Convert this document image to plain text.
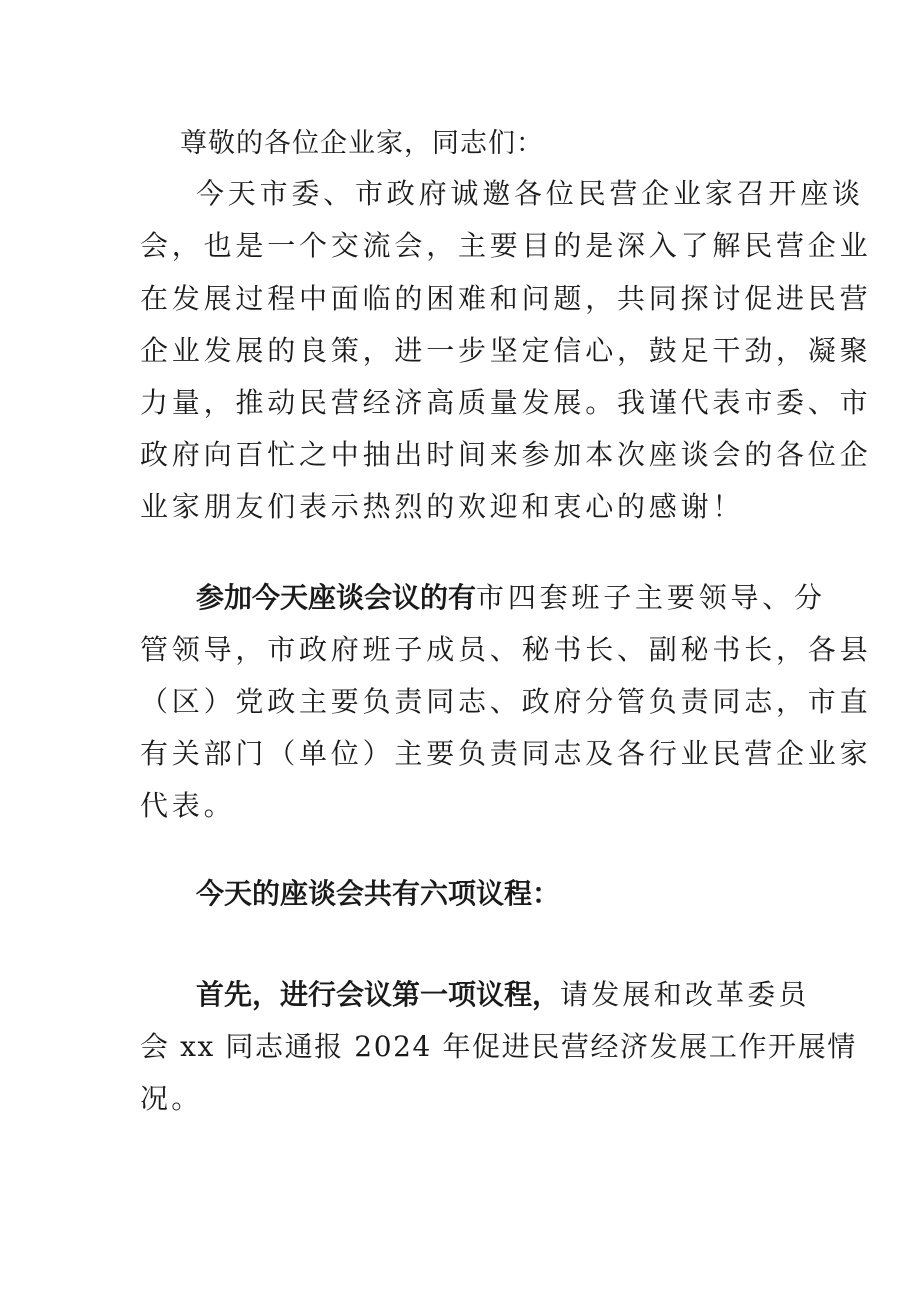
尊敬的各位企业家，同志们：
今天市委、市政府诚邀各位民营企业家召开座谈
会，也是一个交流会，主要目的是深入了解民营企业
在发展过程中面临的困难和问题，共同探讨促进民营
企业发展的良策，进一步坚定信心，鼓足干劲，凝聚
力量，推动民营经济高质量发展。我谨代表市委、市
政府向百忙之中抽出时间来参加本次座谈会的各位企
业家朋友们表示热烈的欢迎和衷心的感谢！
参加今天座谈会议的有市四套班子主要领导、分
管领导，市政府班子成员、秘书长、副秘书长，各县
（区）党政主要负责同志、政府分管负责同志，市直
有关部门（单位）主要负责同志及各行业民营企业家
代表。
今天的座谈会共有六项议程：
首先，进行会议第一项议程，请发展和改革委员
会 xx 同志通报 2024 年促进民营经济发展工作开展情
况。
